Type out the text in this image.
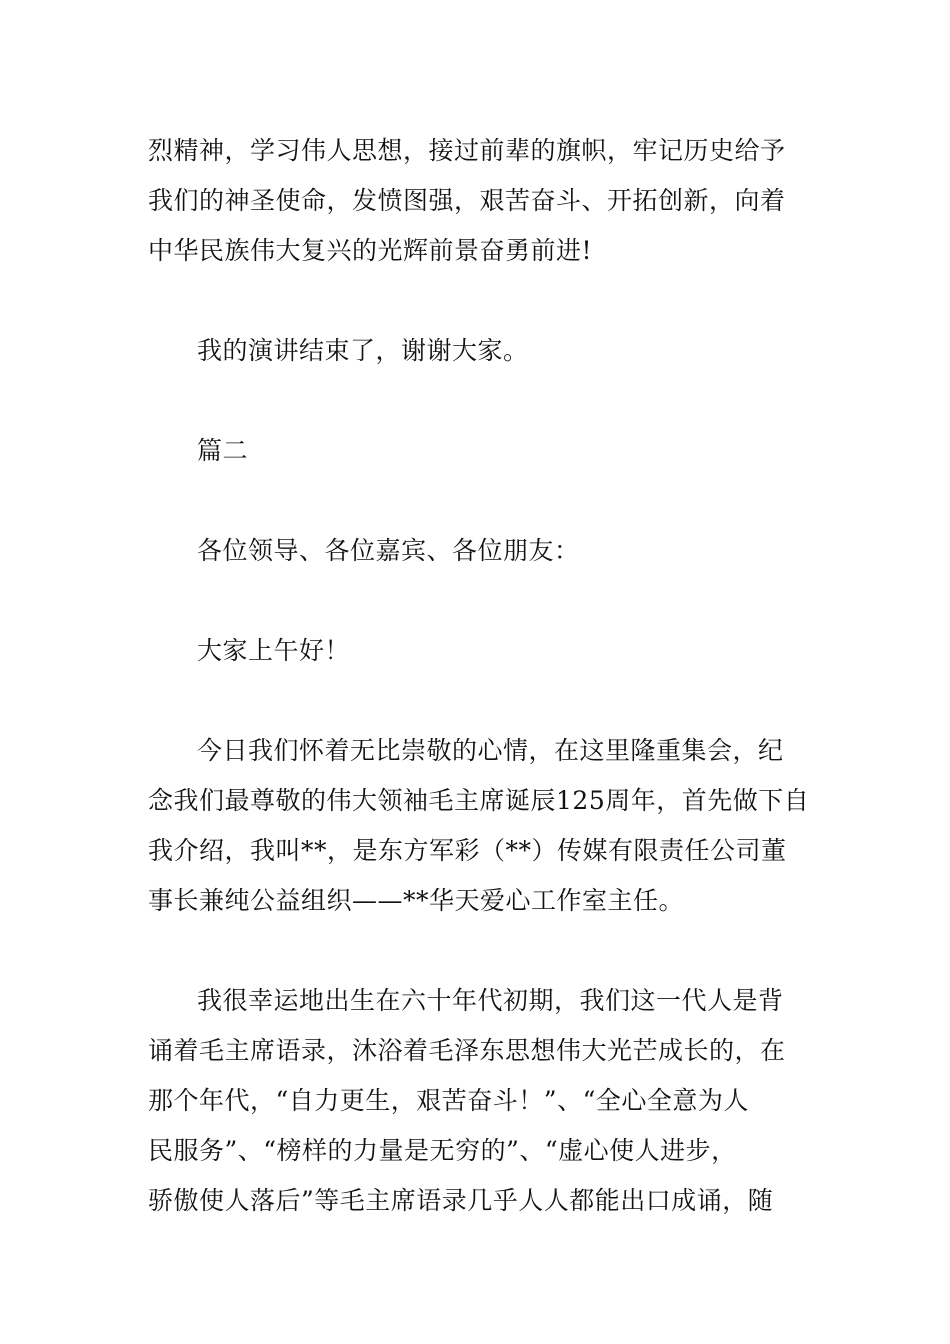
烈精神，学习伟人思想，接过前辈的旗帜，牢记历史给予
我们的神圣使命，发愤图强，艰苦奋斗、开拓创新，向着
中华民族伟大复兴的光辉前景奋勇前进!
我的演讲结束了，谢谢大家。
篇二
各位领导、各位嘉宾、各位朋友：
大家上午好！
今日我们怀着无比崇敬的心情，在这里隆重集会，纪
念我们最尊敬的伟大领袖毛主席诞辰125周年，首先做下自
我介绍，我叫**，是东方军彩（**）传媒有限责任公司董
事长兼纯公益组织——**华天爱心工作室主任。
我很幸运地出生在六十年代初期，我们这一代人是背
诵着毛主席语录，沐浴着毛泽东思想伟大光芒成长的，在
那个年代，“自力更生，艰苦奋斗！”、“全心全意为人
民服务”、“榜样的力量是无穷的”、“虚心使人进步，
骄傲使人落后”等毛主席语录几乎人人都能出口成诵，随
